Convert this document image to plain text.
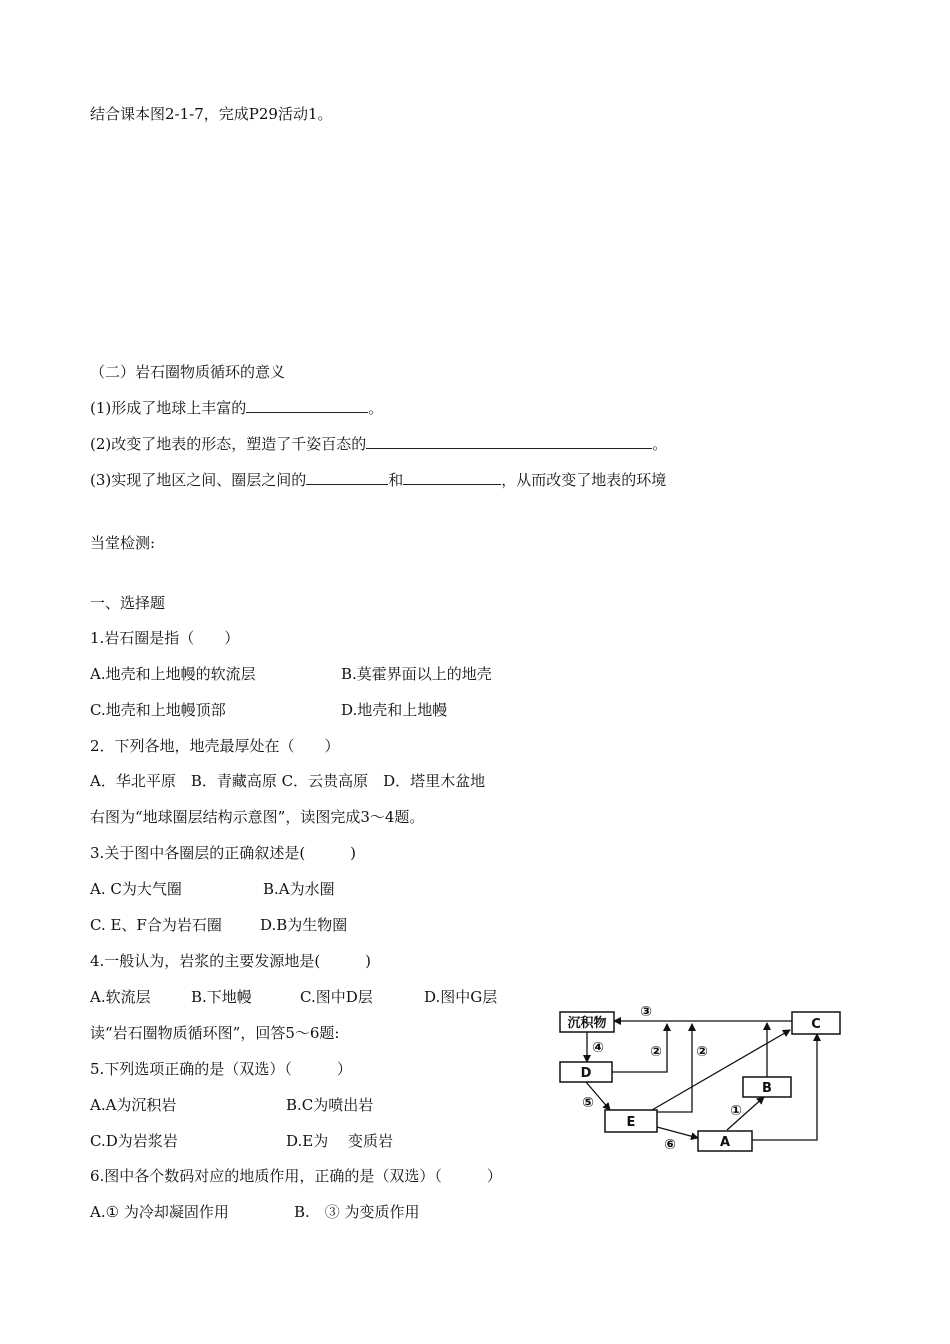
结合课本图2-1-7，完成P29活动1。
（二）岩石圈物质循环的意义
(1)形成了地球上丰富的	。
(2)改变了地表的形态，塑造了千姿百态的	。
(3)实现了地区之间、圈层之间的	和	，从而改变了地表的环境
当堂检测:
一、选择题
1.岩石圈是指（　　）
A.地壳和上地幔的软流层	B.莫霍界面以上的地壳
C.地壳和上地幔顶部	D.地壳和上地幔
2．下列各地，地壳最厚处在（　　）
A．华北平原　B．青藏高原 C．云贵高原　D．塔里木盆地
右图为“地球圈层结构示意图”，读图完成3～4题。
3.关于图中各圈层的正确叙述是(　　　)
A. C为大气圈	B.A为水圈
C. E、F合为岩石圈	D.B为生物圈
4.一般认为，岩浆的主要发源地是(　　　)
A.软流层	B.下地幔	C.图中D层	D.图中G层
读“岩石圈物质循环图”，回答5～6题:
5.下列选项正确的是（双选）（　　　）
A.A为沉积岩	B.C为喷出岩
C.D为岩浆岩	D.E为　 变质岩
6.图中各个数码对应的地质作用，正确的是（双选）（　　　）
A.① 为冷却凝固作用	B.　③ 为变质作用
沉积物	C
D
B
E
A
③
④	② ②
⑤	①
⑥
